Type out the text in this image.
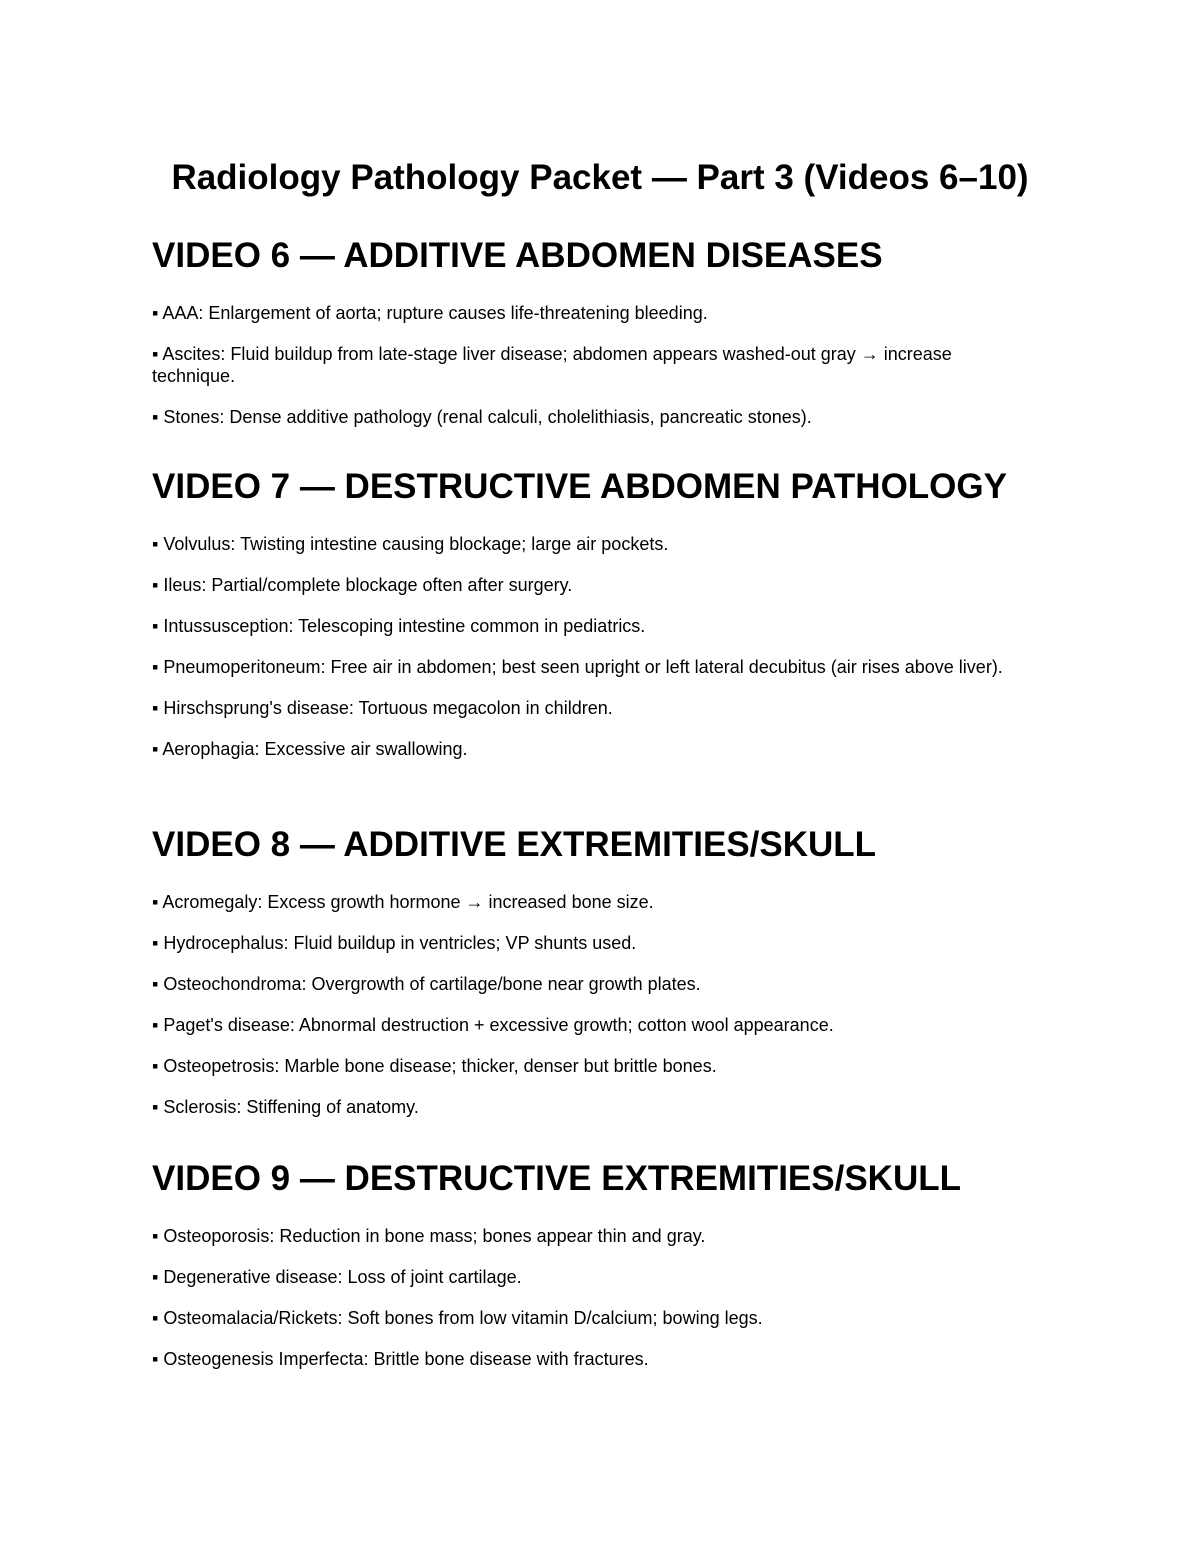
Radiology Pathology Packet — Part 3 (Videos 6–10)
VIDEO 6 — ADDITIVE ABDOMEN DISEASES

▪ AAA: Enlargement of aorta; rupture causes life-threatening bleeding.

▪ Ascites: Fluid buildup from late-stage liver disease; abdomen appears washed-out gray → increase technique.

▪ Stones: Dense additive pathology (renal calculi, cholelithiasis, pancreatic stones).

VIDEO 7 — DESTRUCTIVE ABDOMEN PATHOLOGY

▪ Volvulus: Twisting intestine causing blockage; large air pockets.

▪ Ileus: Partial/complete blockage often after surgery.

▪ Intussusception: Telescoping intestine common in pediatrics.

▪ Pneumoperitoneum: Free air in abdomen; best seen upright or left lateral decubitus (air rises above liver).

▪ Hirschsprung's disease: Tortuous megacolon in children.

▪ Aerophagia: Excessive air swallowing.

VIDEO 8 — ADDITIVE EXTREMITIES/SKULL

▪ Acromegaly: Excess growth hormone → increased bone size.

▪ Hydrocephalus: Fluid buildup in ventricles; VP shunts used.

▪ Osteochondroma: Overgrowth of cartilage/bone near growth plates.

▪ Paget's disease: Abnormal destruction + excessive growth; cotton wool appearance.

▪ Osteopetrosis: Marble bone disease; thicker, denser but brittle bones.

▪ Sclerosis: Stiffening of anatomy.

VIDEO 9 — DESTRUCTIVE EXTREMITIES/SKULL

▪ Osteoporosis: Reduction in bone mass; bones appear thin and gray.

▪ Degenerative disease: Loss of joint cartilage.

▪ Osteomalacia/Rickets: Soft bones from low vitamin D/calcium; bowing legs.

▪ Osteogenesis Imperfecta: Brittle bone disease with fractures.
